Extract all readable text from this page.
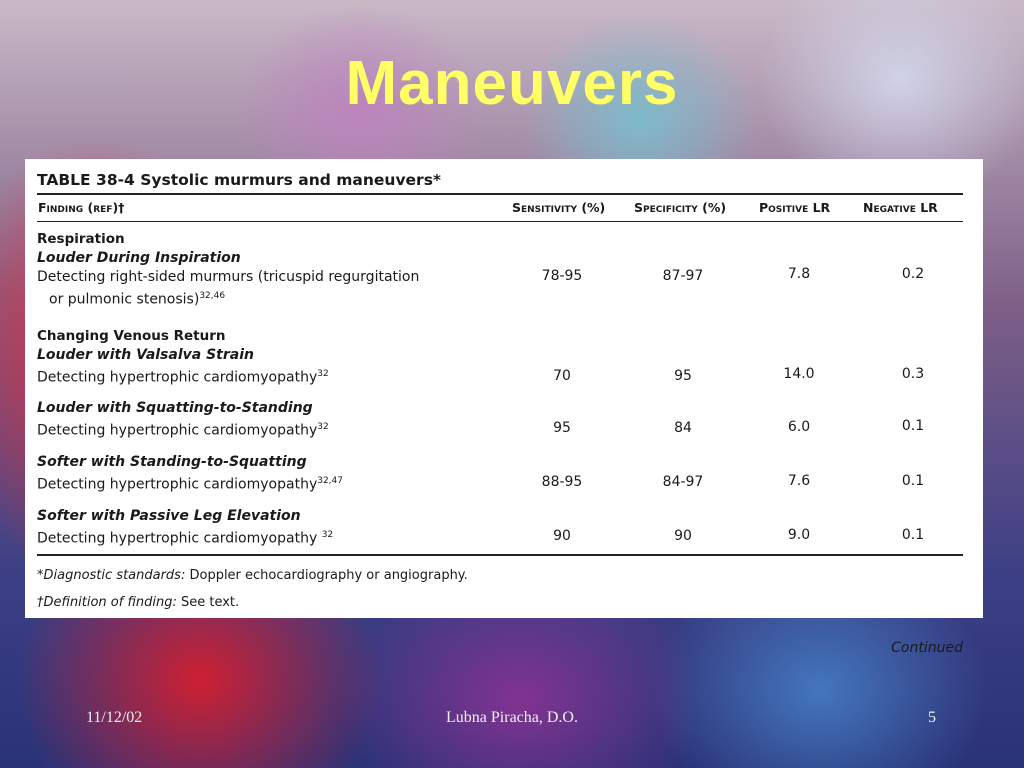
Maneuvers
TABLE 38-4 Systolic murmurs and maneuvers*
Finding (ref)†	Sensitivity (%) Specificity (%)	Positive LR	Negative LR
Respiration
Louder During Inspiration
Detecting right-sided murmurs (tricuspid regurgitation
or pulmonic stenosis)$^{32,46}$
78-95	87-97	7.8	0.2
Changing Venous Return
Louder with Valsalva Strain
Detecting hypertrophic cardiomyopathy$^{32}$	70	95	14.0	0.3
Louder with Squatting-to-Standing
Detecting hypertrophic cardiomyopathy$^{32}$	95	84	6.0	0.1
Softer with Standing-to-Squatting
Detecting hypertrophic cardiomyopathy$^{32,47}$	88-95	84-97	7.6	0.1
Softer with Passive Leg Elevation
Detecting hypertrophic cardiomyopathy $^{32}$	90	90	9.0	0.1
*Diagnostic standards: Doppler echocardiography or angiography.
†Definition of finding: See text.
Continued
11/12/02	Lubna Piracha, D.O.	5
